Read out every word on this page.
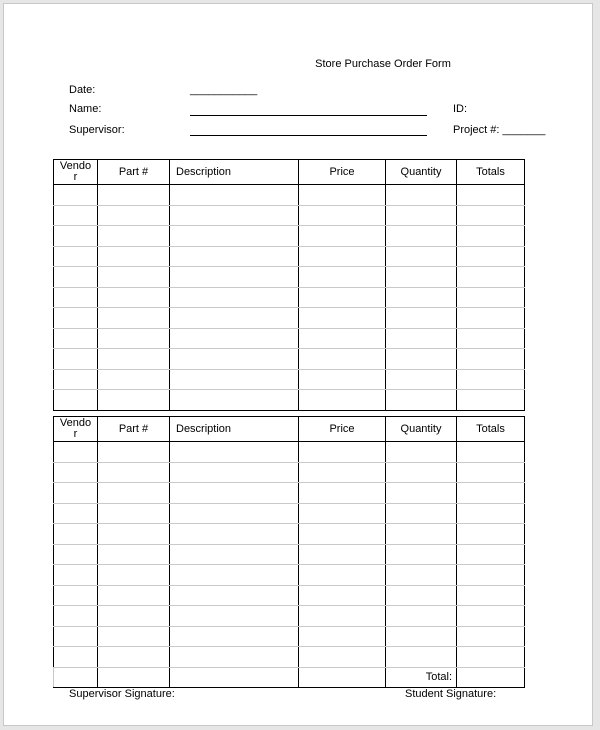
Store Purchase Order Form
Date:	___________
Name:	ID:
Supervisor:	Project #: _______
Vendo
r	Part #	Description	Price	Quantity	Totals

Vendo
r	Part #	Description	Price	Quantity	Totals

				Total:	
Supervisor Signature:	Student Signature:
